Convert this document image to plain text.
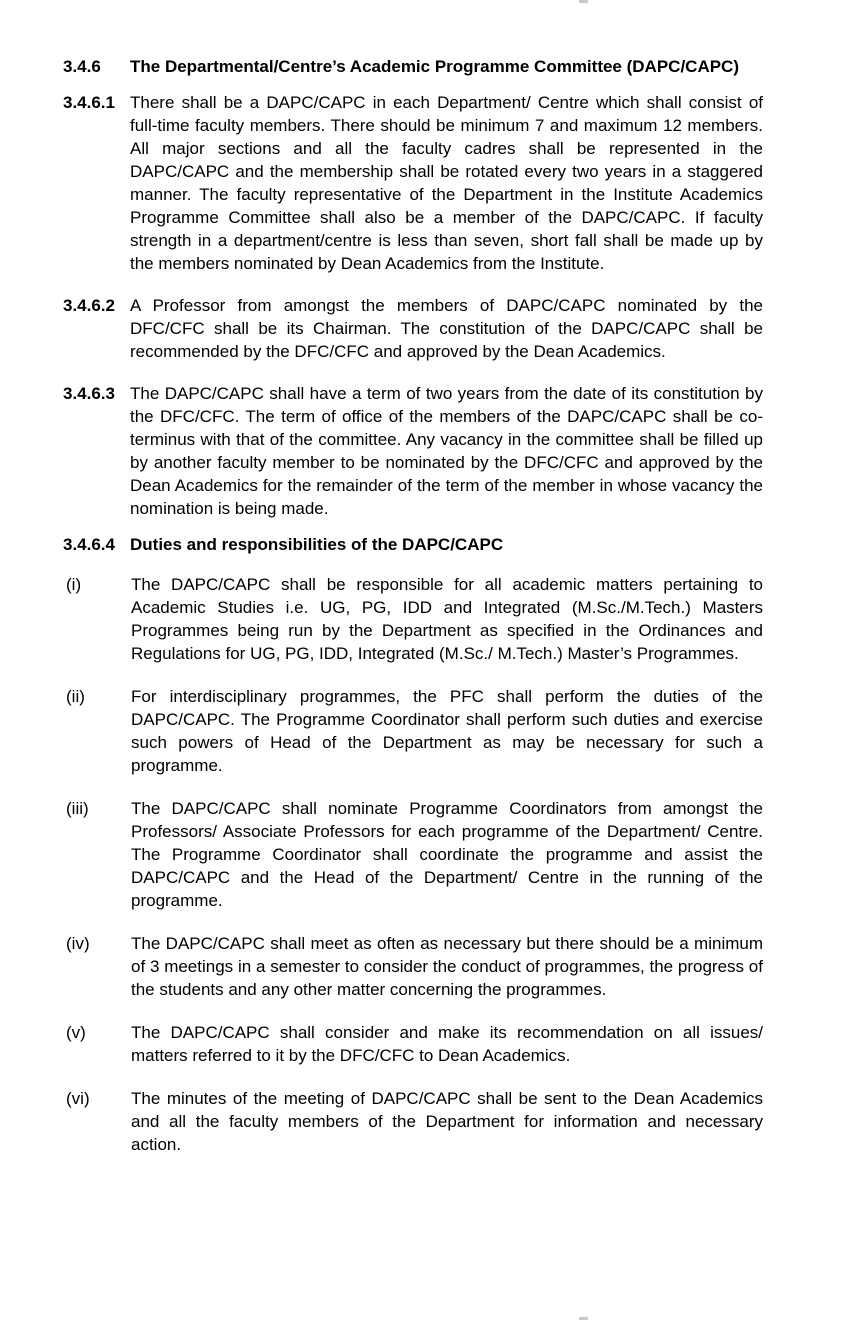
3.4.6	The Departmental/Centre’s Academic Programme Committee (DAPC/CAPC)
3.4.6.1 There shall be a DAPC/CAPC in each Department/ Centre which shall consist of full-time faculty members. There should be minimum 7 and maximum 12 members. All major sections and all the faculty cadres shall be represented in the DAPC/CAPC and the membership shall be rotated every two years in a staggered manner. The faculty representative of the Department in the Institute Academics Programme Committee shall also be a member of the DAPC/CAPC. If faculty strength in a department/centre is less than seven, short fall shall be made up by the members nominated by Dean Academics from the Institute.
3.4.6.2 A Professor from amongst the members of DAPC/CAPC nominated by the DFC/CFC shall be its Chairman. The constitution of the DAPC/CAPC shall be recommended by the DFC/CFC and approved by the Dean Academics.
3.4.6.3 The DAPC/CAPC shall have a term of two years from the date of its constitution by the DFC/CFC. The term of office of the members of the DAPC/CAPC shall be co-terminus with that of the committee. Any vacancy in the committee shall be filled up by another faculty member to be nominated by the DFC/CFC and approved by the Dean Academics for the remainder of the term of the member in whose vacancy the nomination is being made.
3.4.6.4 Duties and responsibilities of the DAPC/CAPC
(i)	The DAPC/CAPC shall be responsible for all academic matters pertaining to Academic Studies i.e. UG, PG, IDD and Integrated (M.Sc./M.Tech.) Masters Programmes being run by the Department as specified in the Ordinances and Regulations for UG, PG, IDD, Integrated (M.Sc./ M.Tech.) Master’s Programmes.
(ii)	For interdisciplinary programmes, the PFC shall perform the duties of the DAPC/CAPC. The Programme Coordinator shall perform such duties and exercise such powers of Head of the Department as may be necessary for such a programme.
(iii)	The DAPC/CAPC shall nominate Programme Coordinators from amongst the Professors/ Associate Professors for each programme of the Department/ Centre. The Programme Coordinator shall coordinate the programme and assist the DAPC/CAPC and the Head of the Department/ Centre in the running of the programme.
(iv)	The DAPC/CAPC shall meet as often as necessary but there should be a minimum of 3 meetings in a semester to consider the conduct of programmes, the progress of the students and any other matter concerning the programmes.
(v)	The DAPC/CAPC shall consider and make its recommendation on all issues/ matters referred to it by the DFC/CFC to Dean Academics.
(vi)	The minutes of the meeting of DAPC/CAPC shall be sent to the Dean Academics and all the faculty members of the Department for information and necessary action.
